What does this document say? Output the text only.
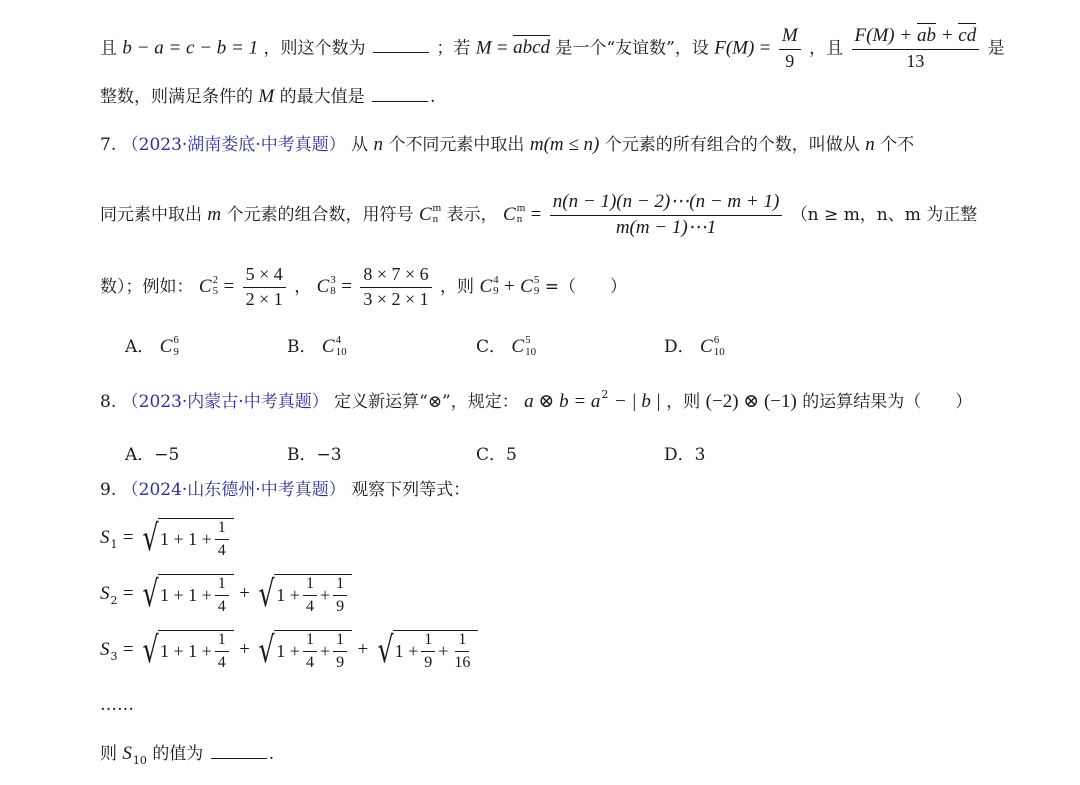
且 b − a = c − b = 1 ，则这个数为	；若 M = abcd 是一个“友谊数”，设 $F(M) = \frac{M}{9}$ ，且 $\frac{F(M) + ab + cd}{13}$ 是
整数，则满足条件的 M 的最大值是	.
7. （2023·湖南娄底·中考真题） 从 n 个不同元素中取出 m(m ≤ n) 个元素的所有组合的个数，叫做从 n 个不
同元素中取出 m 个元素的组合数，用符号 C m
n 表示， C m
$n = \frac{n(n - 1)(n - 2)\cdots(n - m + 1)}{m(m - 1)\cdots 1} (n \ge m$，n、m 为正整
数）；例如： C 2
$5 = \frac{5 \times 4}{2 \times 1}$ ， C 3
$8 = \frac{8 \times 7 \times 6}{3 \times 2 \times 1}$ ，则 C 4
9 + C 5
9 =（　　）
A． C 6
9	B． C 4
10	C． C 5
10	D． C 6
10
8. （2023·内蒙古·中考真题） 定义新运算“⊗”，规定： a ⊗ $b = a^2$ − | b | ，则 (−2) ⊗ (−1) 的运算结果为（　　）
A．−5	B．−3	C．5	D．3
9. （2024·山东德州·中考真题） 观察下列等式：
$S_1$ = √ $1 + 1 + \frac{1}{4}$
$S_2$ = √ $1 + 1 + \frac{1}{4}$ + √ $1 + \frac{1}{4} + \frac{1}{9}$
$S_3$ = √ $1 + 1 + \frac{1}{4}$ + √ $1 + \frac{1}{4} + \frac{1}{9}$ + √ $1 + \frac{1}{9} + \frac{1}{16}$
……
则 $S_{10}$ 的值为	.
